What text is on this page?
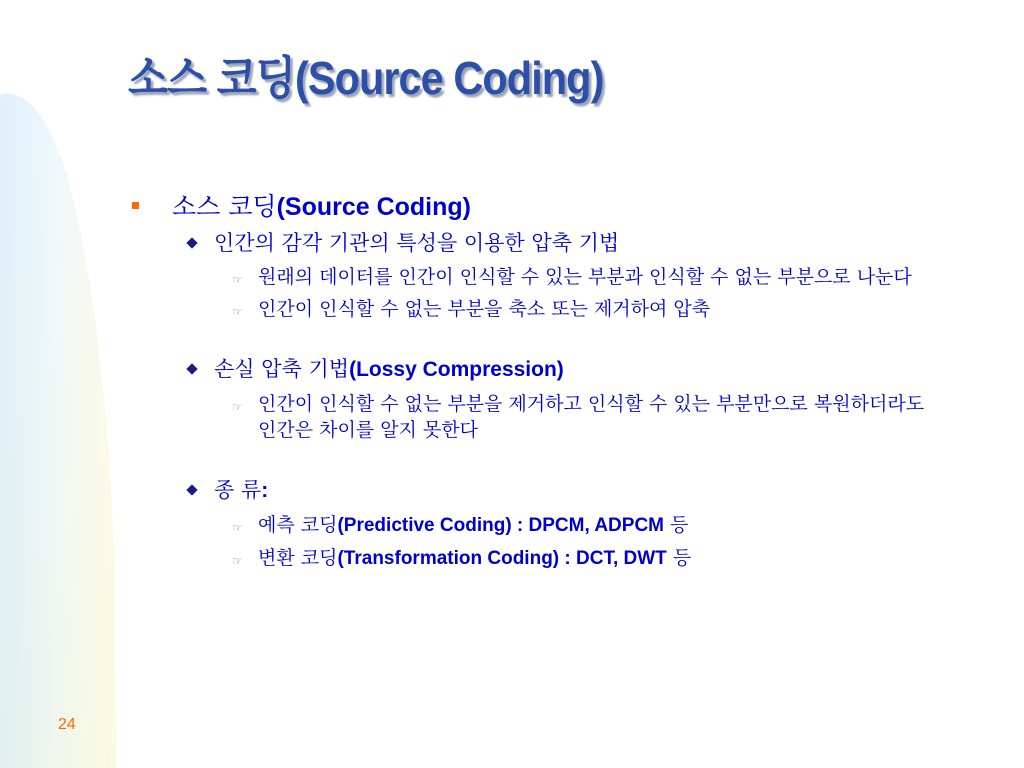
소스 코딩(Source Coding)
소스 코딩(Source Coding)
인간의 감각 기관의 특성을 이용한 압축 기법
☞ 원래의 데이터를 인간이 인식할 수 있는 부분과 인식할 수 없는 부분으로 나눈다
☞ 인간이 인식할 수 없는 부분을 축소 또는 제거하여 압축
손실 압축 기법(Lossy Compression)
☞ 인간이 인식할 수 없는 부분을 제거하고 인식할 수 있는 부분만으로 복원하더라도 인간은 차이를 알지 못한다
종 류:
☞ 예측 코딩(Predictive Coding) : DPCM, ADPCM 등
☞ 변환 코딩(Transformation Coding) : DCT, DWT 등
24
